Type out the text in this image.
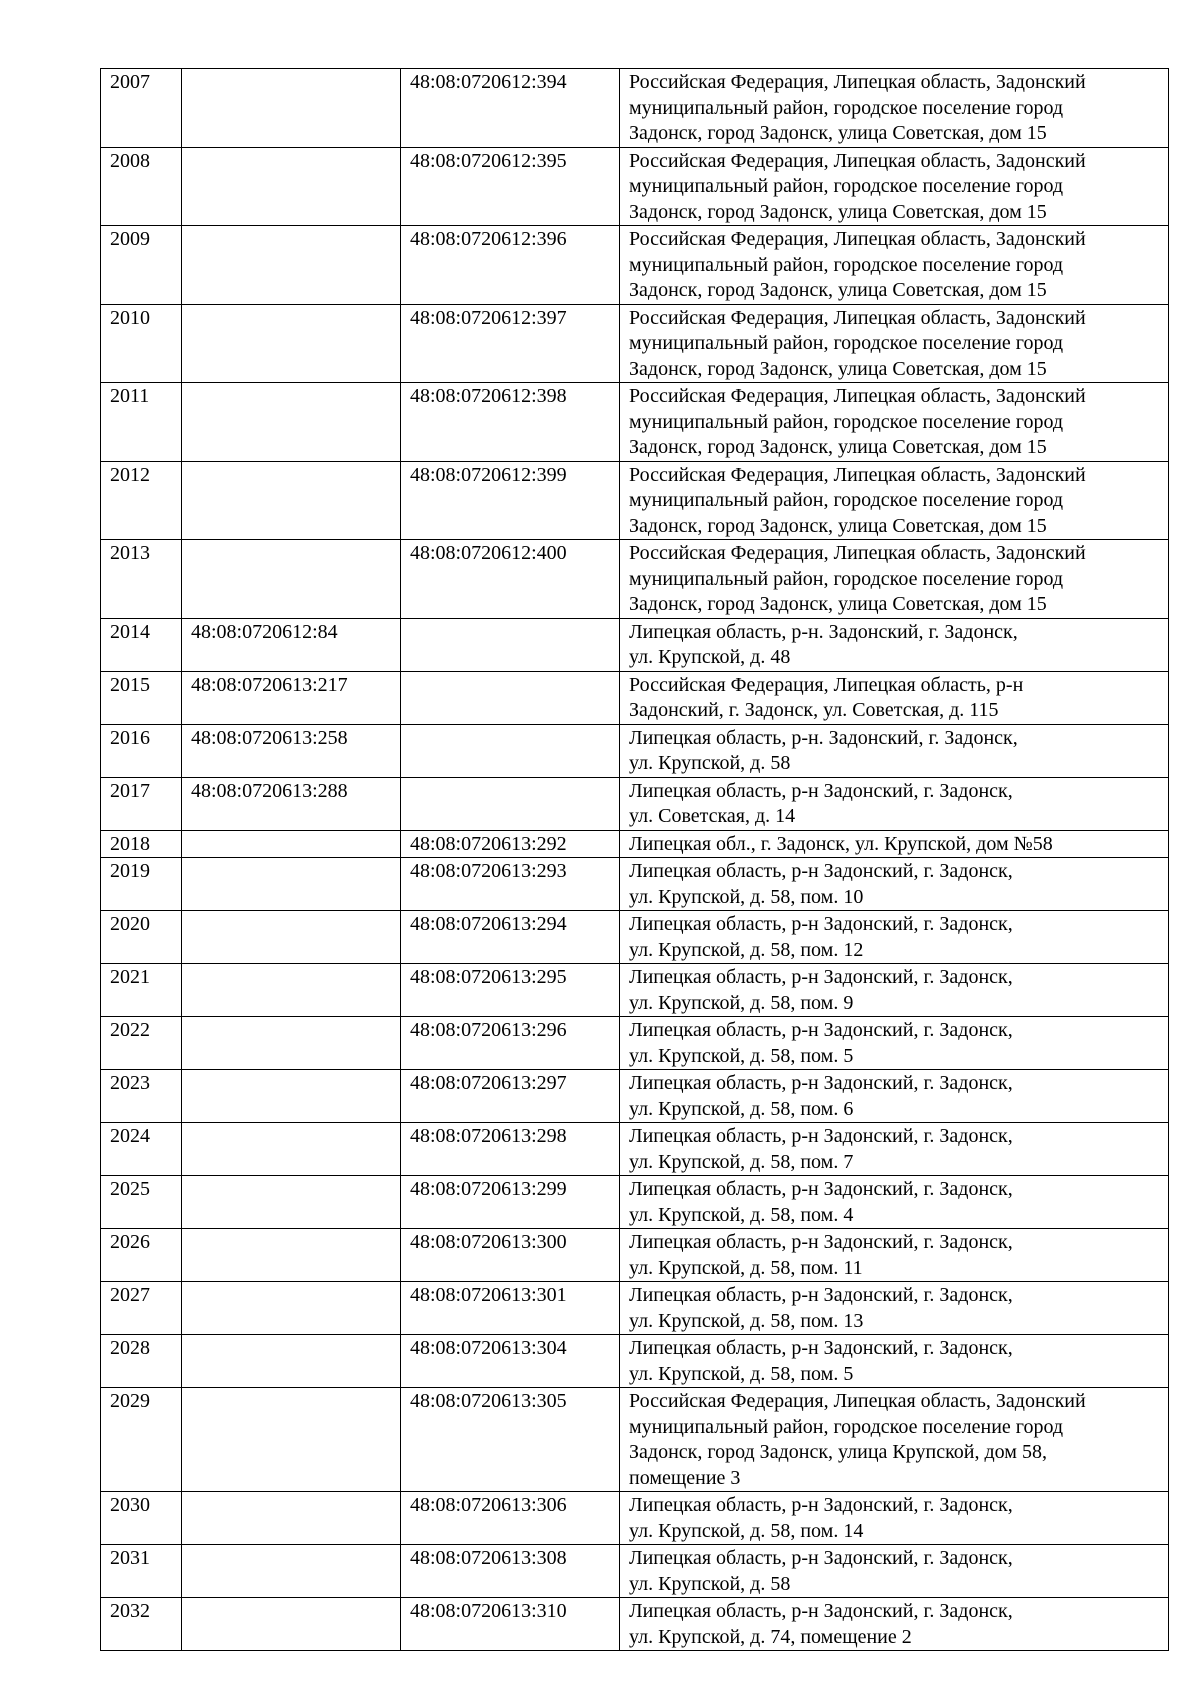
2007		48:08:0720612:394	Российская Федерация, Липецкая область, Задонский
муниципальный район, городское поселение город
Задонск, город Задонск, улица Советская, дом 15
2008		48:08:0720612:395	Российская Федерация, Липецкая область, Задонский
муниципальный район, городское поселение город
Задонск, город Задонск, улица Советская, дом 15
2009		48:08:0720612:396	Российская Федерация, Липецкая область, Задонский
муниципальный район, городское поселение город
Задонск, город Задонск, улица Советская, дом 15
2010		48:08:0720612:397	Российская Федерация, Липецкая область, Задонский
муниципальный район, городское поселение город
Задонск, город Задонск, улица Советская, дом 15
2011		48:08:0720612:398	Российская Федерация, Липецкая область, Задонский
муниципальный район, городское поселение город
Задонск, город Задонск, улица Советская, дом 15
2012		48:08:0720612:399	Российская Федерация, Липецкая область, Задонский
муниципальный район, городское поселение город
Задонск, город Задонск, улица Советская, дом 15
2013		48:08:0720612:400	Российская Федерация, Липецкая область, Задонский
муниципальный район, городское поселение город
Задонск, город Задонск, улица Советская, дом 15
2014	48:08:0720612:84		Липецкая область, р-н. Задонский, г. Задонск,
ул. Крупской, д. 48
2015	48:08:0720613:217		Российская Федерация, Липецкая область, р-н
Задонский, г. Задонск, ул. Советская, д. 115
2016	48:08:0720613:258		Липецкая область, р-н. Задонский, г. Задонск,
ул. Крупской, д. 58
2017	48:08:0720613:288		Липецкая область, р-н Задонский, г. Задонск,
ул. Советская, д. 14
2018		48:08:0720613:292	Липецкая обл., г. Задонск, ул. Крупской, дом №58
2019		48:08:0720613:293	Липецкая область, р-н Задонский, г. Задонск,
ул. Крупской, д. 58, пом. 10
2020		48:08:0720613:294	Липецкая область, р-н Задонский, г. Задонск,
ул. Крупской, д. 58, пом. 12
2021		48:08:0720613:295	Липецкая область, р-н Задонский, г. Задонск,
ул. Крупской, д. 58, пом. 9
2022		48:08:0720613:296	Липецкая область, р-н Задонский, г. Задонск,
ул. Крупской, д. 58, пом. 5
2023		48:08:0720613:297	Липецкая область, р-н Задонский, г. Задонск,
ул. Крупской, д. 58, пом. 6
2024		48:08:0720613:298	Липецкая область, р-н Задонский, г. Задонск,
ул. Крупской, д. 58, пом. 7
2025		48:08:0720613:299	Липецкая область, р-н Задонский, г. Задонск,
ул. Крупской, д. 58, пом. 4
2026		48:08:0720613:300	Липецкая область, р-н Задонский, г. Задонск,
ул. Крупской, д. 58, пом. 11
2027		48:08:0720613:301	Липецкая область, р-н Задонский, г. Задонск,
ул. Крупской, д. 58, пом. 13
2028		48:08:0720613:304	Липецкая область, р-н Задонский, г. Задонск,
ул. Крупской, д. 58, пом. 5
2029		48:08:0720613:305	Российская Федерация, Липецкая область, Задонский
муниципальный район, городское поселение город
Задонск, город Задонск, улица Крупской, дом 58,
помещение 3
2030		48:08:0720613:306	Липецкая область, р-н Задонский, г. Задонск,
ул. Крупской, д. 58, пом. 14
2031		48:08:0720613:308	Липецкая область, р-н Задонский, г. Задонск,
ул. Крупской, д. 58
2032		48:08:0720613:310	Липецкая область, р-н Задонский, г. Задонск,
ул. Крупской, д. 74, помещение 2
